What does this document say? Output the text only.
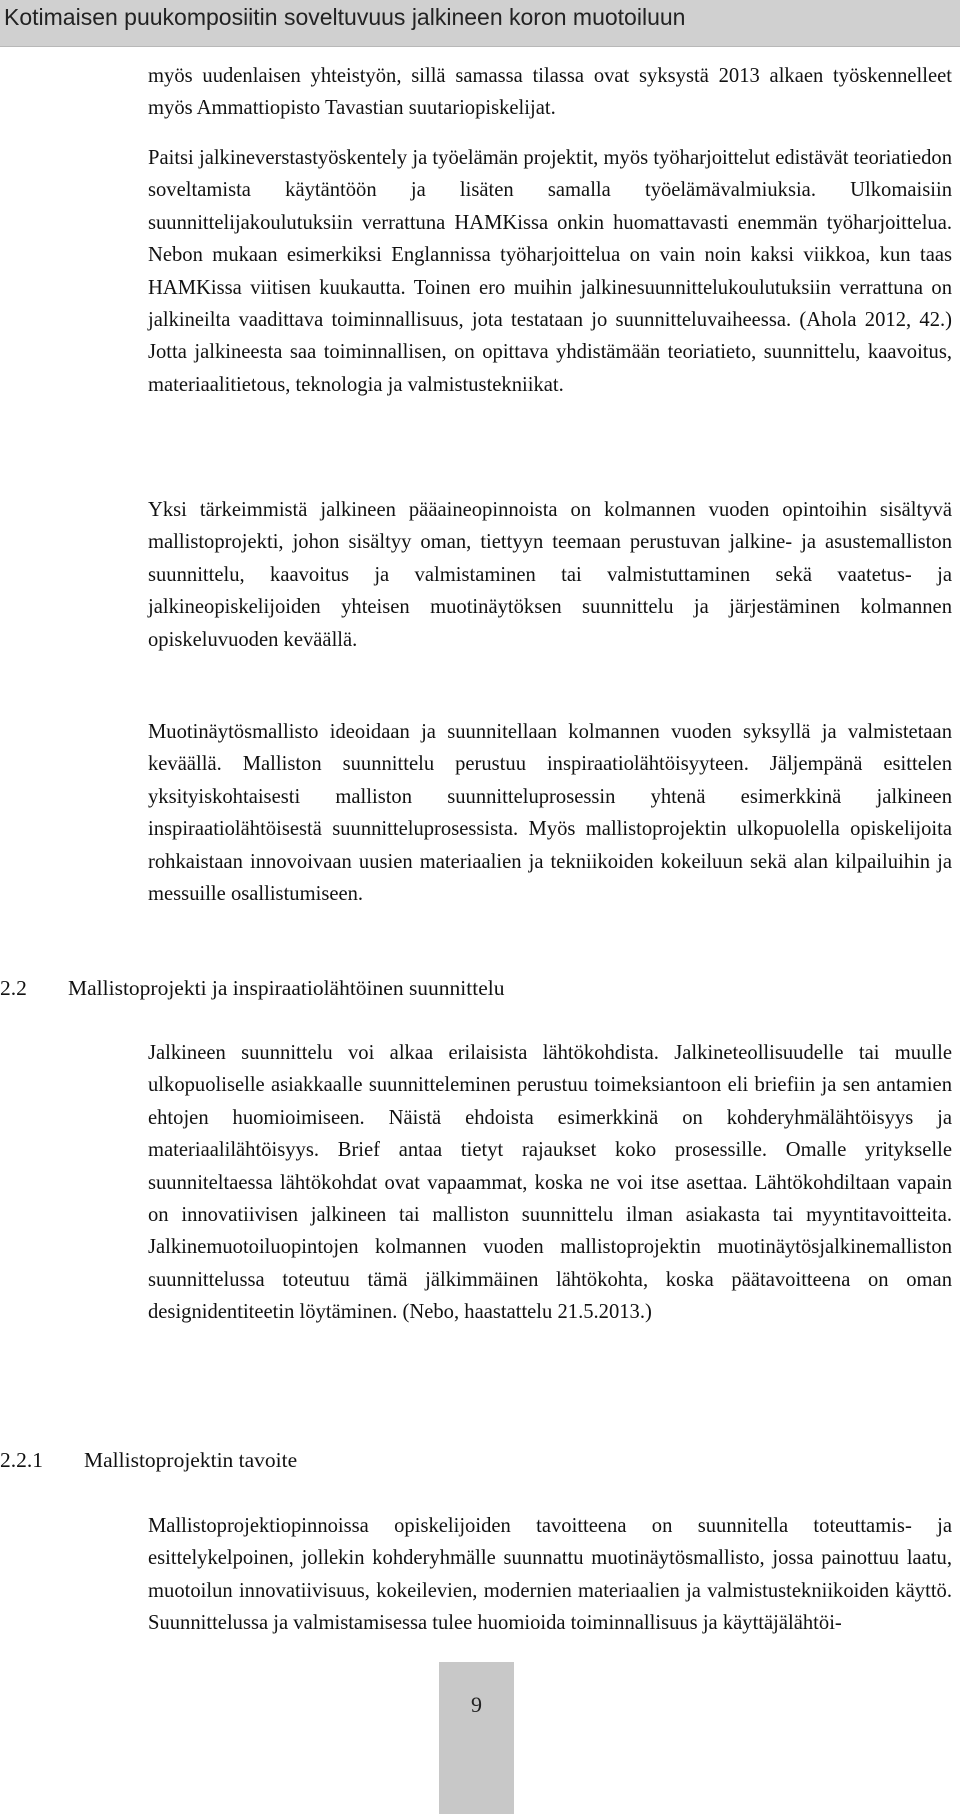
Kotimaisen puukomposiitin soveltuvuus jalkineen koron muotoiluun

myös uudenlaisen yhteistyön, sillä samassa tilassa ovat syksystä 2013 alkaen työskennelleet myös Ammattiopisto Tavastian suutariopiskelijat.

Paitsi jalkineverstastyöskentely ja työelämän projektit, myös työharjoittelut edistävät teoriatiedon soveltamista käytäntöön ja lisäten samalla työelämävalmiuksia. Ulkomaisiin suunnittelijakoulutuksiin verrattuna HAMKissa onkin huomattavasti enemmän työharjoittelua. Nebon mukaan esimerkiksi Englannissa työharjoittelua on vain noin kaksi viikkoa, kun taas HAMKissa viitisen kuukautta. Toinen ero muihin jalkinesuunnittelukoulutuksiin verrattuna on jalkineilta vaadittava toiminnallisuus, jota testataan jo suunnitteluvaiheessa. (Ahola 2012, 42.) Jotta jalkineesta saa toiminnallisen, on opittava yhdistämään teoriatieto, suunnittelu, kaavoitus, materiaalitietous, teknologia ja valmistustekniikat.

Yksi tärkeimmistä jalkineen pääaineopinnoista on kolmannen vuoden opintoihin sisältyvä mallistoprojekti, johon sisältyy oman, tiettyyn teemaan perustuvan jalkine- ja asustemalliston suunnittelu, kaavoitus ja valmistaminen tai valmistuttaminen sekä vaatetus- ja jalkineopiskelijoiden yhteisen muotinäytöksen suunnittelu ja järjestäminen kolmannen opiskeluvuoden keväällä.

Muotinäytösmallisto ideoidaan ja suunnitellaan kolmannen vuoden syksyllä ja valmistetaan keväällä. Malliston suunnittelu perustuu inspiraatiolähtöisyyteen. Jäljempänä esittelen yksityiskohtaisesti malliston suunnitteluprosessin yhtenä esimerkkinä jalkineen inspiraatiolähtöisestä suunnitteluprosessista. Myös mallistoprojektin ulkopuolella opiskelijoita rohkaistaan innovoivaan uusien materiaalien ja tekniikoiden kokeiluun sekä alan kilpailuihin ja messuille osallistumiseen.

2.2 Mallistoprojekti ja inspiraatiolähtöinen suunnittelu

Jalkineen suunnittelu voi alkaa erilaisista lähtökohdista. Jalkineteollisuudelle tai muulle ulkopuoliselle asiakkaalle suunnitteleminen perustuu toimeksiantoon eli briefiin ja sen antamien ehtojen huomioimiseen. Näistä ehdoista esimerkkinä on kohderyhmälähtöisyys ja materiaalilähtöisyys. Brief antaa tietyt rajaukset koko prosessille. Omalle yritykselle suunniteltaessa lähtökohdat ovat vapaammat, koska ne voi itse asettaa. Lähtökohdiltaan vapain on innovatiivisen jalkineen tai malliston suunnittelu ilman asiakasta tai myyntitavoitteita. Jalkinemuotoiluopintojen kolmannen vuoden mallistoprojektin muotinäytösjalkinemalliston suunnittelussa toteutuu tämä jälkimmäinen lähtökohta, koska päätavoitteena on oman designidentiteetin löytäminen. (Nebo, haastattelu 21.5.2013.)

2.2.1 Mallistoprojektin tavoite

Mallistoprojektiopinnoissa opiskelijoiden tavoitteena on suunnitella toteuttamis- ja esittelykelpoinen, jollekin kohderyhmälle suunnattu muotinäytösmallisto, jossa painottuu laatu, muotoilun innovatiivisuus, kokeilevien, modernien materiaalien ja valmistustekniikoiden käyttö. Suunnittelussa ja valmistamisessa tulee huomioida toiminnallisuus ja käyttäjälähtöi-

9
